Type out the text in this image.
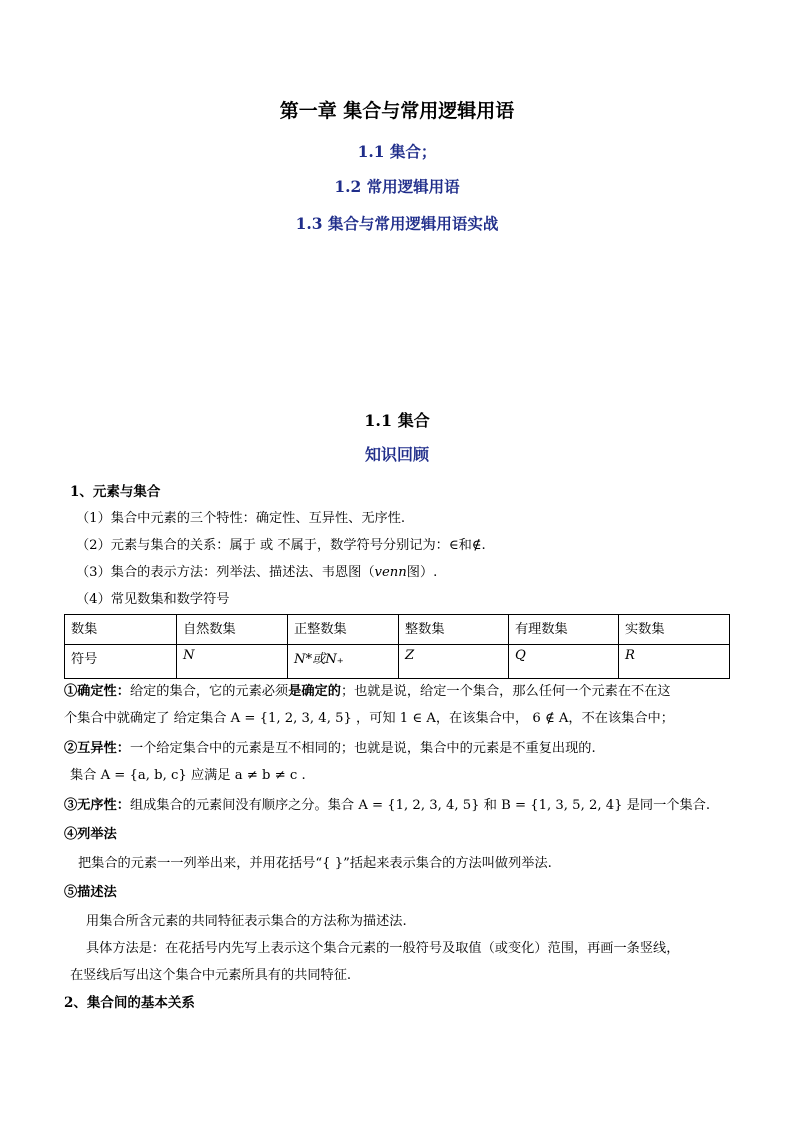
第一章 集合与常用逻辑用语
1.1 集合；
1.2 常用逻辑用语
1.3 集合与常用逻辑用语实战
1.1 集合
知识回顾
1、元素与集合
（1）集合中元素的三个特性：确定性、互异性、无序性.
（2）元素与集合的关系：属于 或 不属于，数学符号分别记为：∈和∉.
（3）集合的表示方法：列举法、描述法、韦恩图（venn图）.
（4）常见数集和数学符号
数集	自然数集	正整数集	整数集	有理数集	实数集
符号	N	N*或N₊	Z	Q	R
①确定性：给定的集合，它的元素必须是确定的；也就是说，给定一个集合，那么任何一个元素在不在这
个集合中就确定了 给定集合 A = {1, 2, 3, 4, 5} ，可知 1 ∈ A，在该集合中， 6 ∉ A，不在该集合中；
②互异性：一个给定集合中的元素是互不相同的；也就是说，集合中的元素是不重复出现的.
集合 A = {a, b, c} 应满足 a ≠ b ≠ c .
③无序性：组成集合的元素间没有顺序之分。集合 A = {1, 2, 3, 4, 5} 和 B = {1, 3, 5, 2, 4} 是同一个集合.
④列举法
把集合的元素一一列举出来，并用花括号“{ }”括起来表示集合的方法叫做列举法.
⑤描述法
用集合所含元素的共同特征表示集合的方法称为描述法.
具体方法是：在花括号内先写上表示这个集合元素的一般符号及取值（或变化）范围，再画一条竖线，
在竖线后写出这个集合中元素所具有的共同特征.
2、集合间的基本关系
